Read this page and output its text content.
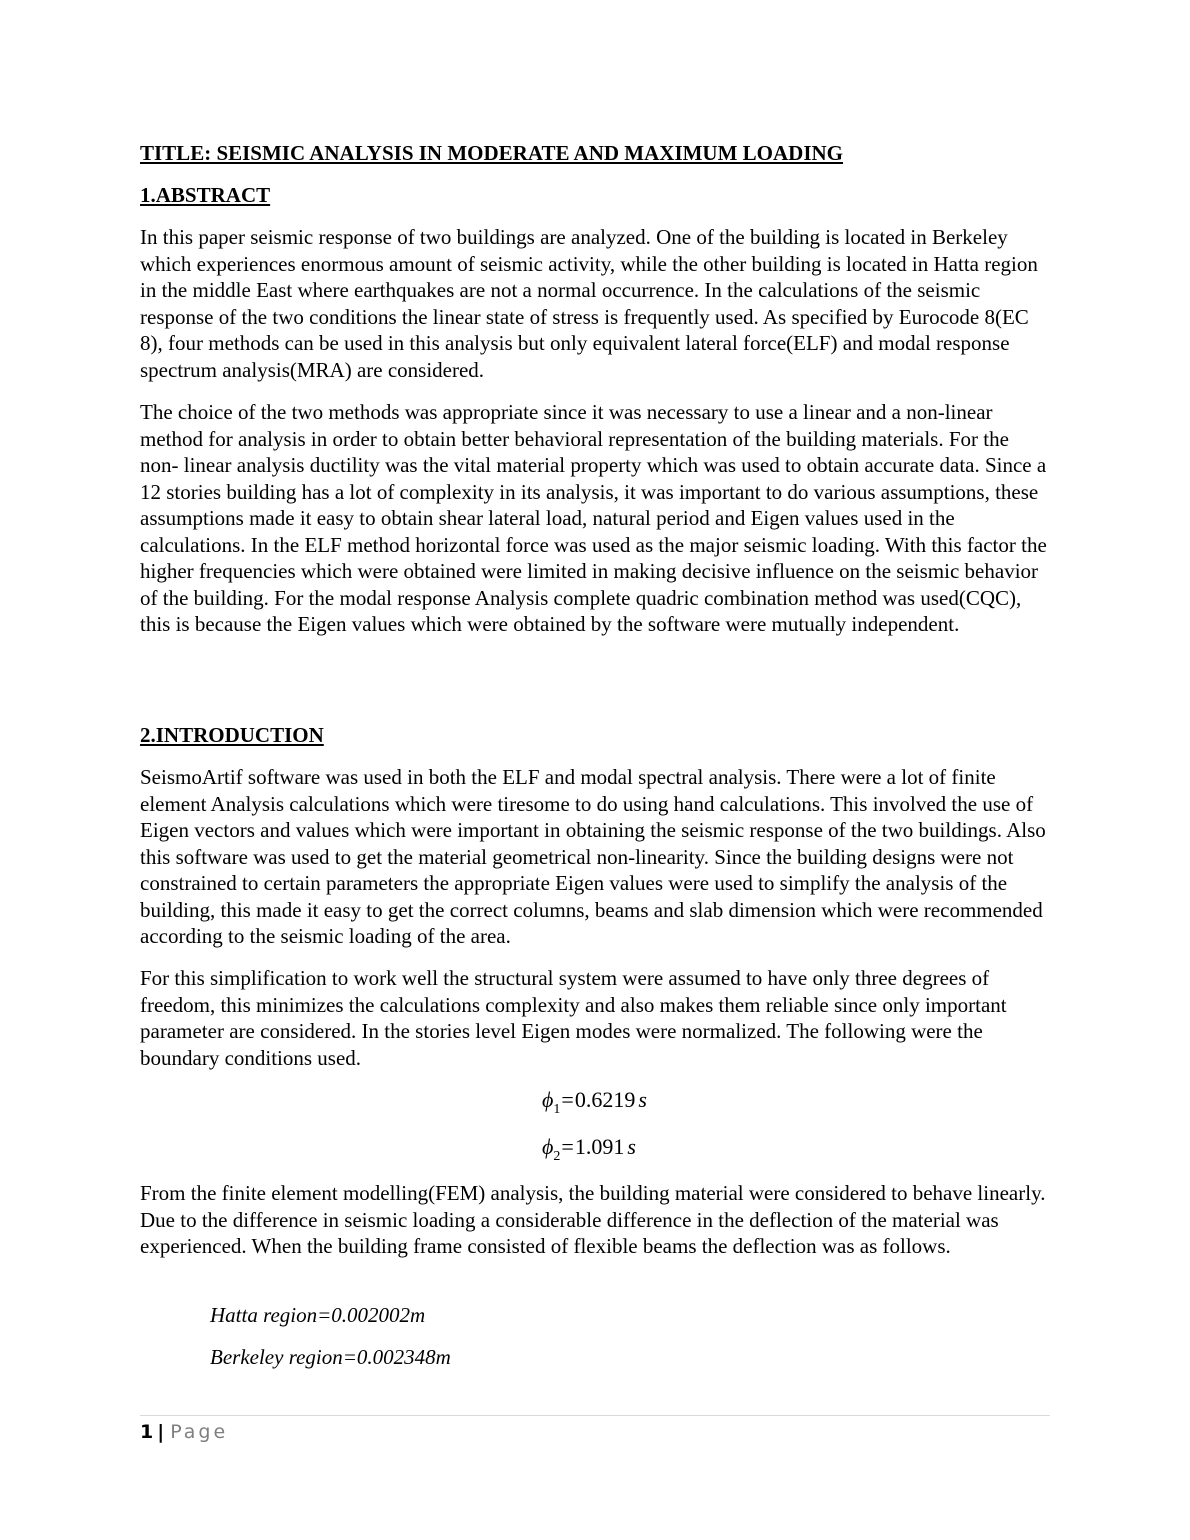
TITLE: SEISMIC ANALYSIS IN MODERATE AND MAXIMUM LOADING
1.ABSTRACT
In this paper seismic response of two buildings are analyzed. One of the building is located in Berkeley which experiences enormous amount of seismic activity, while the other building is located in Hatta region in the middle East where earthquakes are not a normal occurrence. In the calculations of the seismic response of the two conditions the linear state of stress is frequently used. As specified by Eurocode 8(EC 8), four methods can be used in this analysis but only equivalent lateral force(ELF) and modal response spectrum analysis(MRA) are considered.
The choice of the two methods was appropriate since it was necessary to use a linear and a non-linear method for analysis in order to obtain better behavioral representation of the building materials. For the non- linear analysis ductility was the vital material property which was used to obtain accurate data. Since a 12 stories building has a lot of complexity in its analysis, it was important to do various assumptions, these assumptions made it easy to obtain shear lateral load, natural period and Eigen values used in the calculations. In the ELF method horizontal force was used as the major seismic loading. With this factor the higher frequencies which were obtained were limited in making decisive influence on the seismic behavior of the building. For the modal response Analysis complete quadric combination method was used(CQC), this is because the Eigen values which were obtained by the software were mutually independent.
2.INTRODUCTION
SeismoArtif software was used in both the ELF and modal spectral analysis. There were a lot of finite element Analysis calculations which were tiresome to do using hand calculations. This involved the use of Eigen vectors and values which were important in obtaining the seismic response of the two buildings. Also this software was used to get the material geometrical non-linearity. Since the building designs were not constrained to certain parameters the appropriate Eigen values were used to simplify the analysis of the building, this made it easy to get the correct columns, beams and slab dimension which were recommended according to the seismic loading of the area.
For this simplification to work well the structural system were assumed to have only three degrees of freedom, this minimizes the calculations complexity and also makes them reliable since only important parameter are considered. In the stories level Eigen modes were normalized. The following were the boundary conditions used.
$\phi_1=0.6219$ s
$\phi_2=1.091$ s
From the finite element modelling(FEM) analysis, the building material were considered to behave linearly. Due to the difference in seismic loading a considerable difference in the deflection of the material was experienced. When the building frame consisted of flexible beams the deflection was as follows.
Hatta region=0.002002m
Berkeley region=0.002348m
1 | Page
